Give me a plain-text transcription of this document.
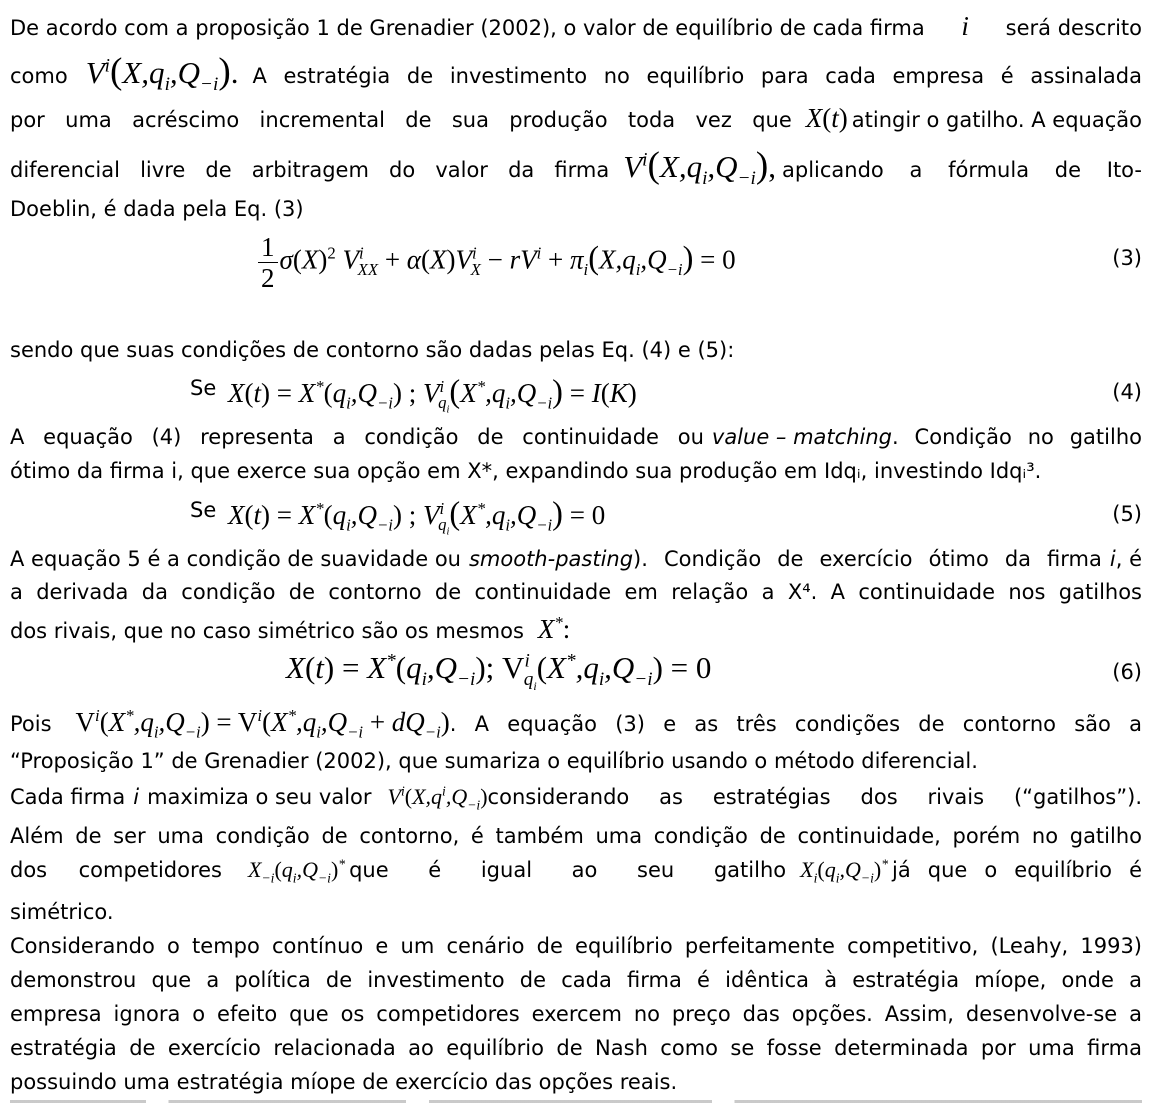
De acordo com a proposição 1 de Grenadier (2002), o valor de equilíbrio de cada firma i será descrito
como $V^i(X,q_i,Q_{-i})$. A estratégia de investimento no equilíbrio para cada empresa é assinalada
por uma acréscimo incremental de sua produção toda vez que X(t) atingir o gatilho. A equação
diferencial livre de arbitragem do valor da firma $V^i(X,q_i,Q_{-i})$, aplicando a fórmula de Ito-
Doeblin, é dada pela Eq. (3)
$\frac{1}{2} \sigma(X)^2$ $V^i_{XX} + \alpha(X)V^i_X - rV^i + \pi_i(X,q_i,Q_{-i}) = 0$	(3)
sendo que suas condições de contorno são dadas pelas Eq. (4) e (5):
Se $X(t) = X^*(q_i,Q_{-i})$ ; $V^i_{q_i}(X^*,q_i,Q_{-i}) = I(K)$	(4)
A equação (4) representa a condição de continuidade ou value – matching . Condição no gatilho
ótimo da firma i, que exerce sua opção em X*, expandindo sua produção em Idqᵢ, investindo Idqᵢ³.
Se $X(t) = X^*(q_i,Q_{-i})$ ; $V^i_{q_i}(X^*,q_i,Q_{-i}) = 0$	(5)
A equação 5 é a condição de suavidade ou smooth-pasting ). Condição de exercício ótimo da firma i , é
a derivada da condição de contorno de continuidade em relação a X⁴. A continuidade nos gatilhos
dos rivais, que no caso simétrico são os mesmos X*:
$X(t) = X^*(q_i,Q_{-i})$; $V^i_{q_i}(X^*,q_i,Q_{-i}) = 0$	(6)
Pois $V^i(X^*,q_i,Q_{-i}) = V^i(X^*,q_i,Q_{-i} + dQ_{-i})$ . A equação (3) e as três condições de contorno são a
“Proposição 1” de Grenadier (2002), que sumariza o equilíbrio usando o método diferencial.
Cada firma i maximiza o seu valor $V^i(X,q^i,Q_{-i})$ considerando as estratégias dos rivais (“gatilhos”).
Além de ser uma condição de contorno, é também uma condição de continuidade, porém no gatilho
dos competidores $X_{-i}(q_i,Q_{-i})^*$ que é igual ao seu gatilho $X_i(q_i,Q_{-i})^*$ já que o equilíbrio é
simétrico.
Considerando o tempo contínuo e um cenário de equilíbrio perfeitamente competitivo, (Leahy, 1993)
demonstrou que a política de investimento de cada firma é idêntica à estratégia míope, onde a
empresa ignora o efeito que os competidores exercem no preço das opções. Assim, desenvolve-se a
estratégia de exercício relacionada ao equilíbrio de Nash como se fosse determinada por uma firma
possuindo uma estratégia míope de exercício das opções reais.
